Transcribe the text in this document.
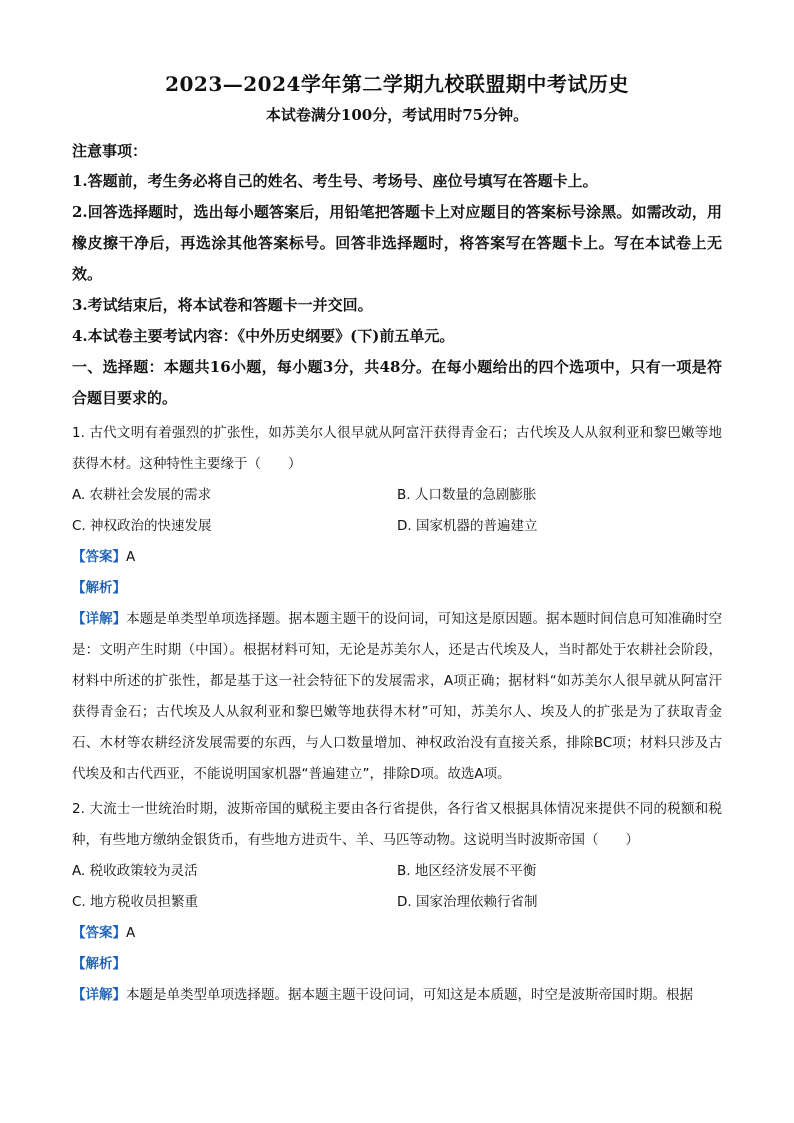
2023—2024学年第二学期九校联盟期中考试历史

本试卷满分100分，考试用时75分钟。

注意事项：

1.答题前，考生务必将自己的姓名、考生号、考场号、座位号填写在答题卡上。

2.回答选择题时，选出每小题答案后，用铅笔把答题卡上对应题目的答案标号涂黑。如需改动，用橡皮擦干净后，再选涂其他答案标号。回答非选择题时，将答案写在答题卡上。写在本试卷上无效。

3.考试结束后，将本试卷和答题卡一并交回。

4.本试卷主要考试内容：《中外历史纲要》(下)前五单元。

一、选择题：本题共16小题，每小题3分，共48分。在每小题给出的四个选项中，只有一项是符合题目要求的。

1. 古代文明有着强烈的扩张性，如苏美尔人很早就从阿富汗获得青金石；古代埃及人从叙利亚和黎巴嫩等地获得木材。这种特性主要缘于（　　）

A. 农耕社会发展的需求	B. 人口数量的急剧膨胀
C. 神权政治的快速发展	D. 国家机器的普遍建立

【答案】A

【解析】

【详解】本题是单类型单项选择题。据本题主题干的设问词，可知这是原因题。据本题时间信息可知准确时空是：文明产生时期（中国）。根据材料可知，无论是苏美尔人，还是古代埃及人，当时都处于农耕社会阶段，材料中所述的扩张性，都是基于这一社会特征下的发展需求，A项正确；据材料“如苏美尔人很早就从阿富汗获得青金石；古代埃及人从叙利亚和黎巴嫩等地获得木材”可知，苏美尔人、埃及人的扩张是为了获取青金石、木材等农耕经济发展需要的东西，与人口数量增加、神权政治没有直接关系，排除BC项；材料只涉及古代埃及和古代西亚，不能说明国家机器“普遍建立”，排除D项。故选A项。

2. 大流士一世统治时期，波斯帝国的赋税主要由各行省提供，各行省又根据具体情况来提供不同的税额和税种，有些地方缴纳金银货币，有些地方进贡牛、羊、马匹等动物。这说明当时波斯帝国（　　）

A. 税收政策较为灵活	B. 地区经济发展不平衡
C. 地方税收员担繁重	D. 国家治理依赖行省制

【答案】A

【解析】

【详解】本题是单类型单项选择题。据本题主题干设问词，可知这是本质题，时空是波斯帝国时期。根据
